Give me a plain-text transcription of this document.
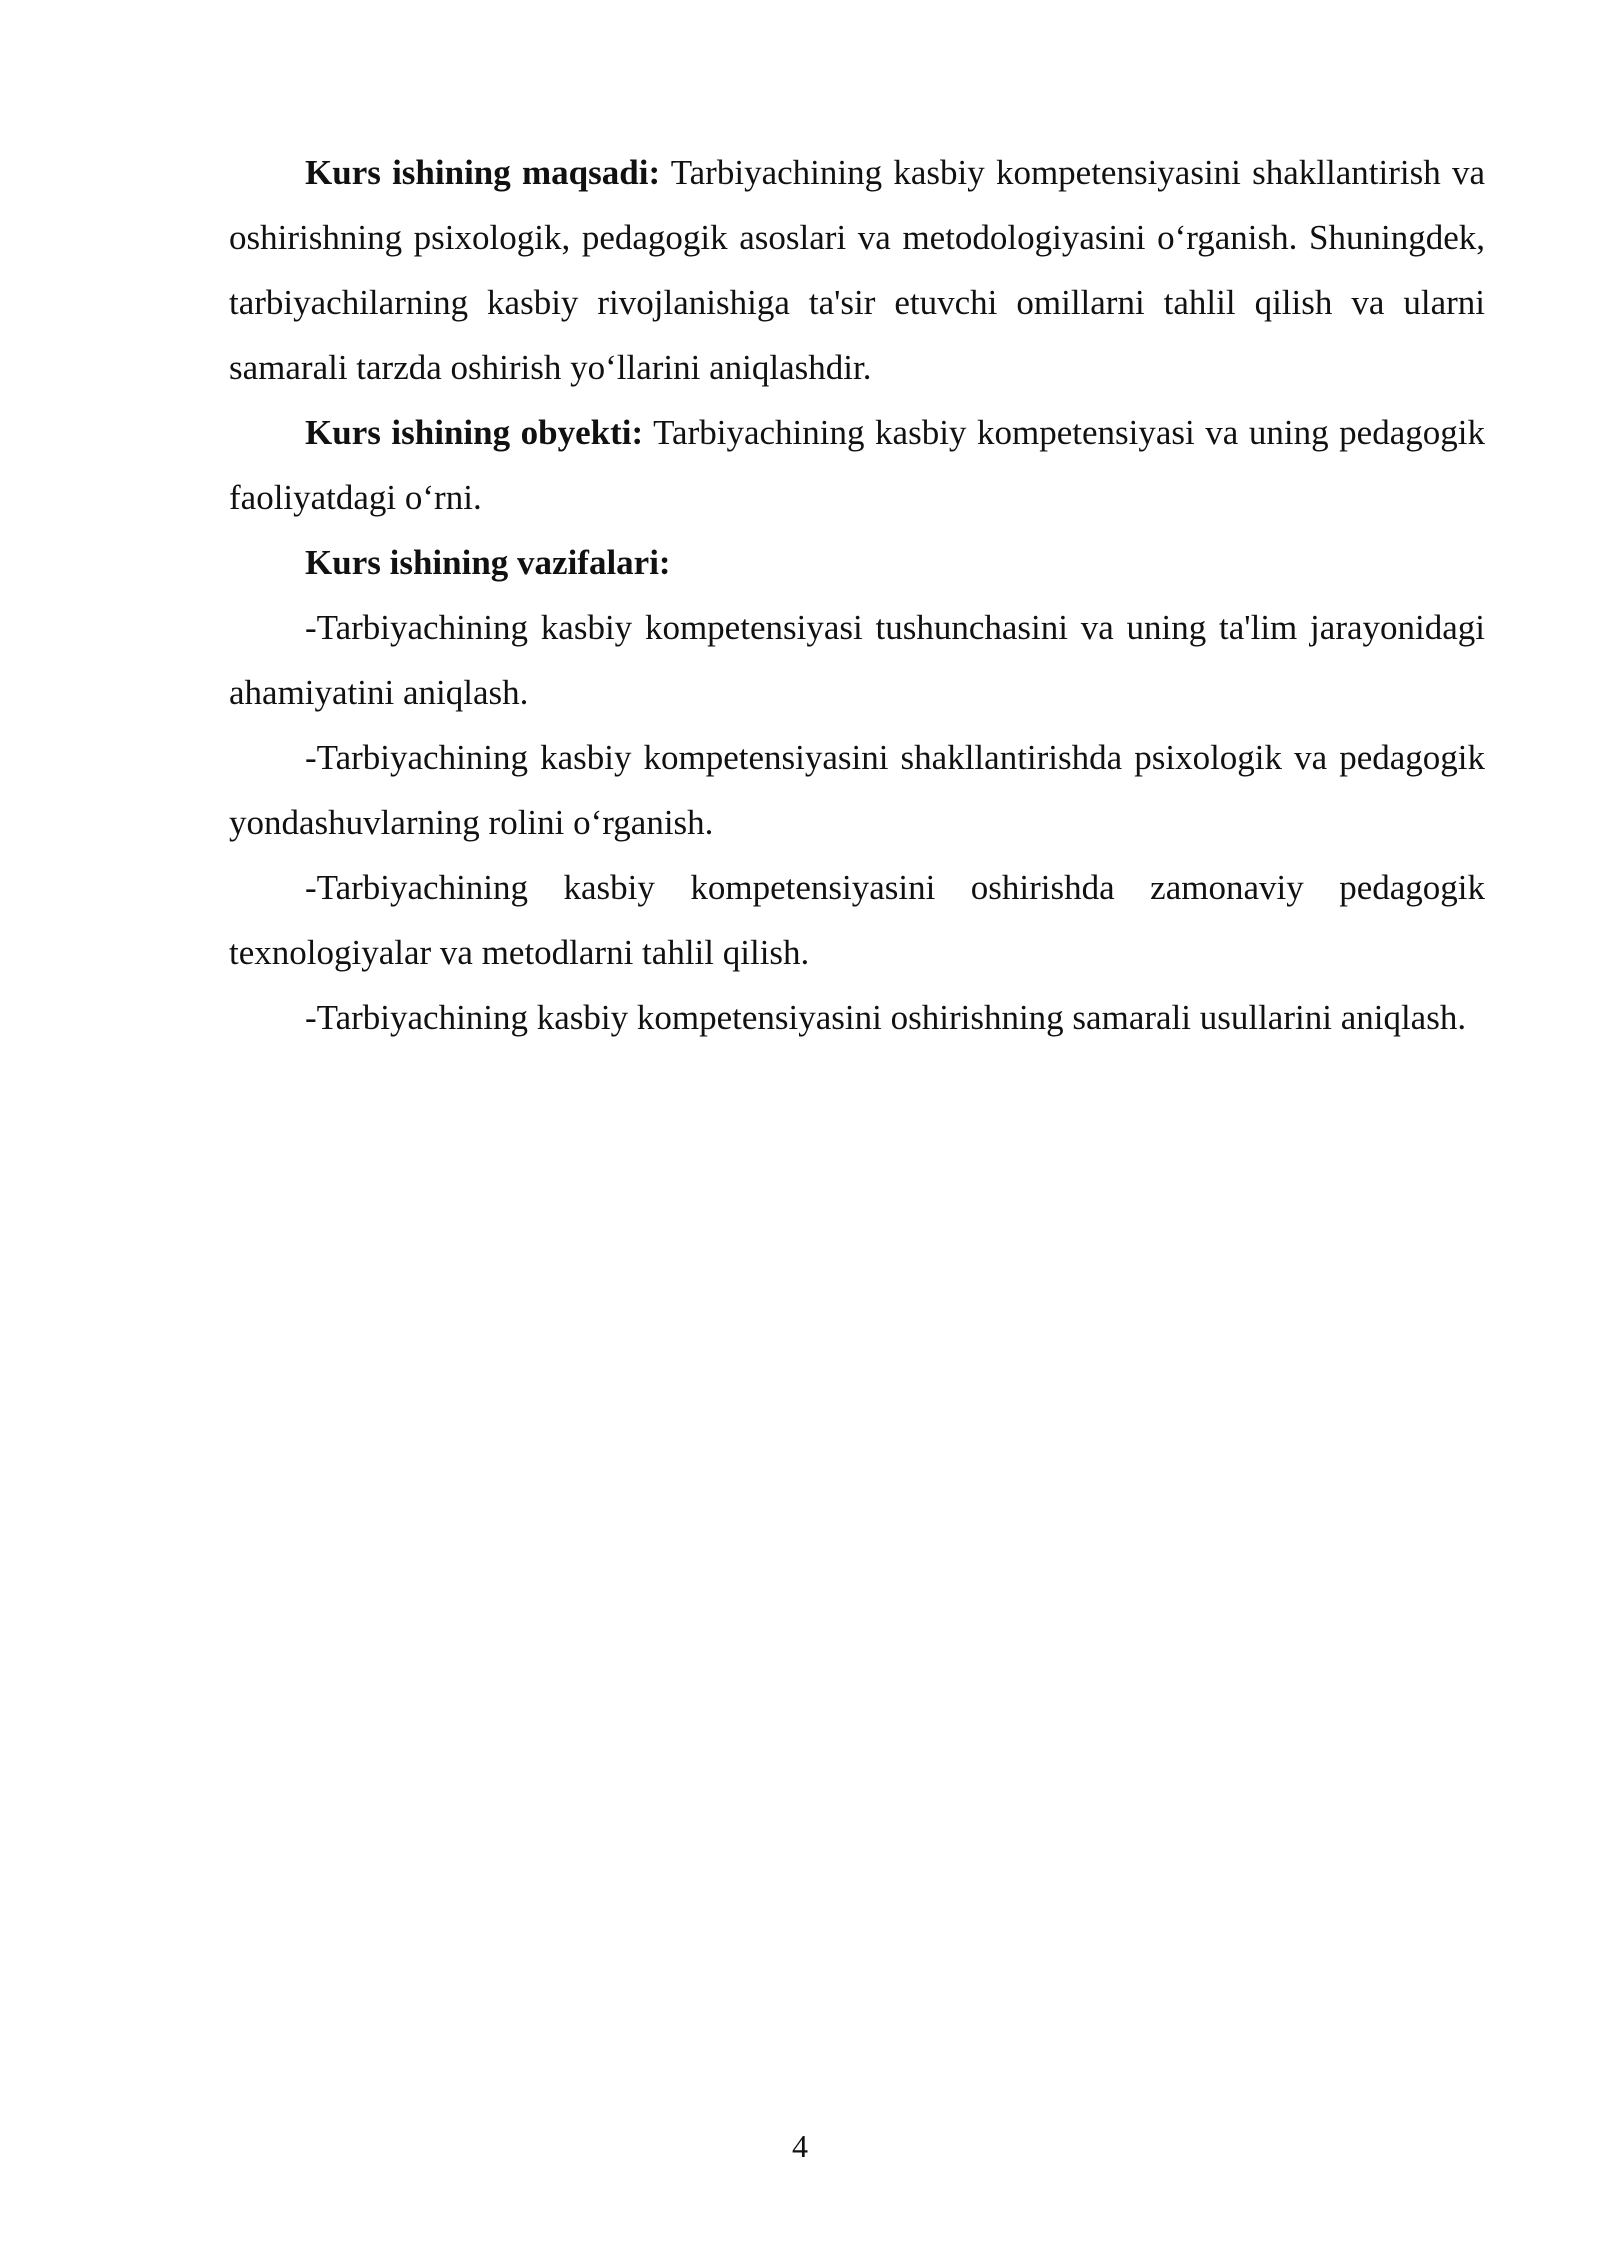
Kurs ishining maqsadi: Tarbiyachining kasbiy kompetensiyasini shakllantirish va oshirishning psixologik, pedagogik asoslari va metodologiyasini o‘rganish. Shuningdek, tarbiyachilarning kasbiy rivojlanishiga ta'sir etuvchi omillarni tahlil qilish va ularni samarali tarzda oshirish yo‘llarini aniqlashdir.

Kurs ishining obyekti: Tarbiyachining kasbiy kompetensiyasi va uning pedagogik faoliyatdagi o‘rni.

Kurs ishining vazifalari:

-Tarbiyachining kasbiy kompetensiyasi tushunchasini va uning ta'lim jarayonidagi ahamiyatini aniqlash.

-Tarbiyachining kasbiy kompetensiyasini shakllantirishda psixologik va pedagogik yondashuvlarning rolini o‘rganish.

-Tarbiyachining kasbiy kompetensiyasini oshirishda zamonaviy pedagogik texnologiyalar va metodlarni tahlil qilish.

-Tarbiyachining kasbiy kompetensiyasini oshirishning samarali usullarini aniqlash.

4
